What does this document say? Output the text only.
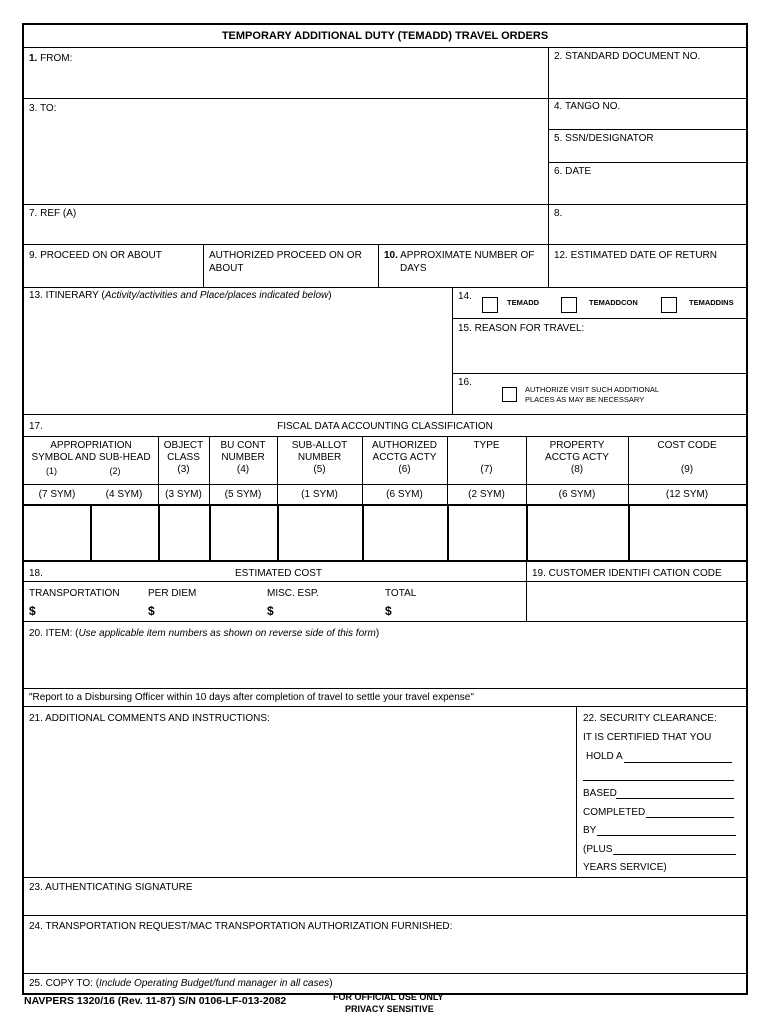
TEMPORARY ADDITIONAL DUTY (TEMADD) TRAVEL ORDERS
1. FROM:	2. STANDARD DOCUMENT NO.
3. TO:	4. TANGO NO.
5. SSN/DESIGNATOR
6. DATE
7. REF (A)	8.
9. PROCEED ON OR ABOUT	AUTHORIZED PROCEED ON OR
ABOUT
10. APPROXIMATE NUMBER OF
DAYS
12. ESTIMATED DATE OF RETURN
13. ITINERARY (Activity/activities and Place/places indicated below)	14.
TEMADD	TEMADDCON	TEMADDINS
15. REASON FOR TRAVEL:
16.
AUTHORIZE VISIT SUCH ADDITIONAL
PLACES AS MAY BE NECESSARY
17.	FISCAL DATA ACCOUNTING CLASSIFICATION
APPROPRIATION
SYMBOL AND SUB-HEAD
(1)	(2)
OBJECT
CLASS
(3)
BU CONT
NUMBER
(4)
SUB-ALLOT
NUMBER
(5)
AUTHORIZED
ACCTG ACTY
(6)
TYPE
(7)
PROPERTY
ACCTG ACTY
(8)
COST CODE
(9)
(7 SYM)	(4 SYM)	(3 SYM)	(5 SYM)	(1 SYM)	(6 SYM)	(2 SYM)	(6 SYM)	(12 SYM)
18.	ESTIMATED COST	19. CUSTOMER IDENTIFI CATION CODE
TRANSPORTATION	PER DIEM	MISC. ESP.	TOTAL
$	$	$	$
20. ITEM: (Use applicable item numbers as shown on reverse side of this form)
"Report to a Disbursing Officer within 10 days after completion of travel to settle your travel expense"
21. ADDITIONAL COMMENTS AND INSTRUCTIONS:	22. SECURITY CLEARANCE:
IT IS CERTIFIED THAT YOU
HOLD A
BASED
COMPLETED
BY
(PLUS
YEARS SERVICE)
23. AUTHENTICATING SIGNATURE
24. TRANSPORTATION REQUEST/MAC TRANSPORTATION AUTHORIZATION FURNISHED:
25. COPY TO: (Include Operating Budget/fund manager in all cases)
NAVPERS 1320/16 (Rev. 11-87) S/N 0106-LF-013-2082	FOR OFFICIAL USE ONLY
PRIVACY SENSITIVE
